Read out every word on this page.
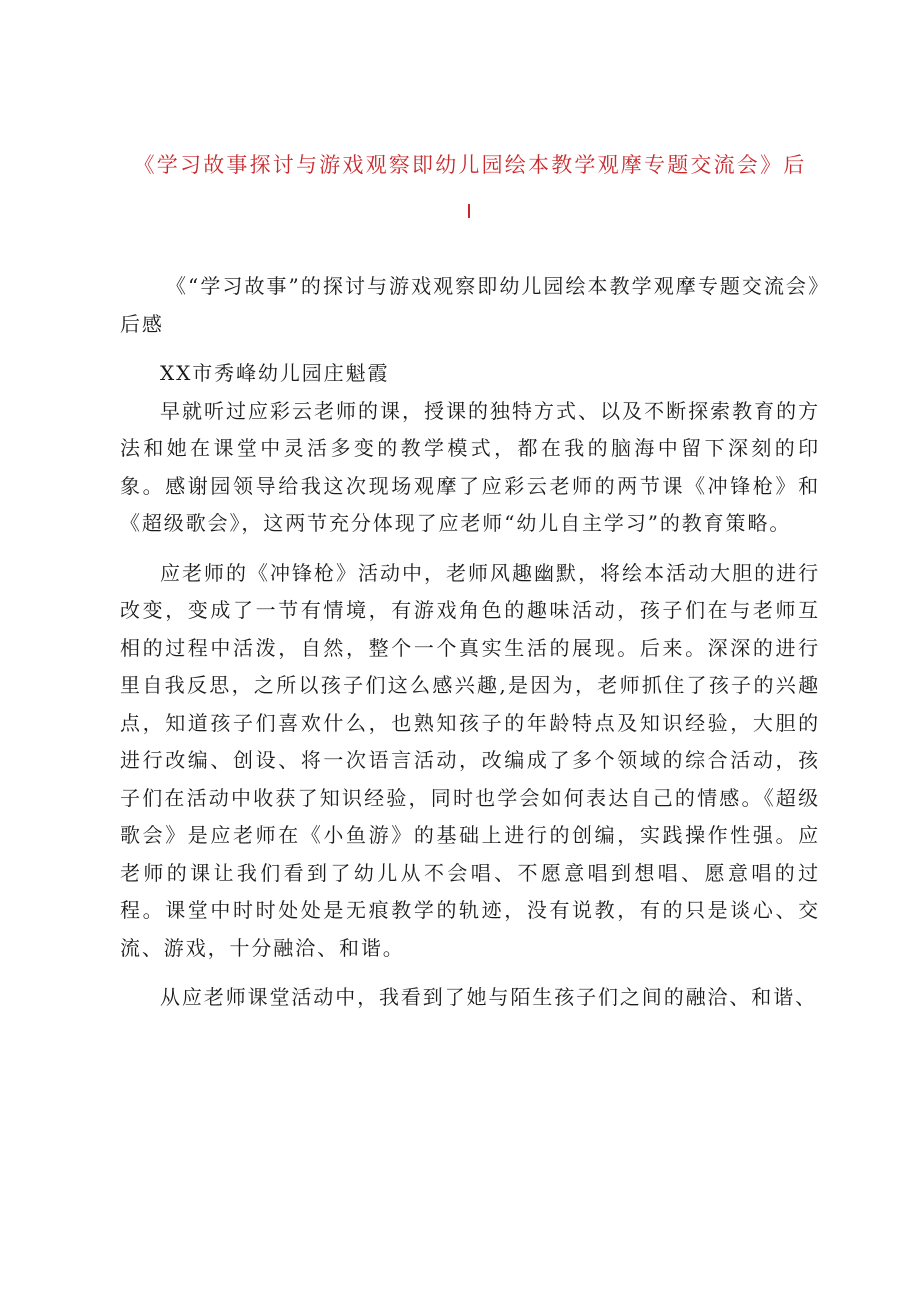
《学习故事探讨与游戏观察即幼儿园绘本教学观摩专题交流会》后

《“学习故事”的探讨与游戏观察即幼儿园绘本教学观摩专题交流会》后感

XX市秀峰幼儿园庄魁霞

早就听过应彩云老师的课，授课的独特方式、以及不断探索教育的方法和她在课堂中灵活多变的教学模式，都在我的脑海中留下深刻的印象。感谢园领导给我这次现场观摩了应彩云老师的两节课《冲锋枪》和《超级歌会》，这两节充分体现了应老师“幼儿自主学习”的教育策略。

应老师的《冲锋枪》活动中，老师风趣幽默，将绘本活动大胆的进行改变，变成了一节有情境，有游戏角色的趣味活动，孩子们在与老师互相的过程中活泼，自然，整个一个真实生活的展现。后来。深深的进行里自我反思，之所以孩子们这么感兴趣,是因为，老师抓住了孩子的兴趣点，知道孩子们喜欢什么，也熟知孩子的年龄特点及知识经验，大胆的进行改编、创设、将一次语言活动，改编成了多个领域的综合活动，孩子们在活动中收获了知识经验，同时也学会如何表达自己的情感。《超级歌会》是应老师在《小鱼游》的基础上进行的创编，实践操作性强。应老师的课让我们看到了幼儿从不会唱、不愿意唱到想唱、愿意唱的过程。课堂中时时处处是无痕教学的轨迹，没有说教，有的只是谈心、交流、游戏，十分融洽、和谐。

从应老师课堂活动中，我看到了她与陌生孩子们之间的融洽、和谐、
